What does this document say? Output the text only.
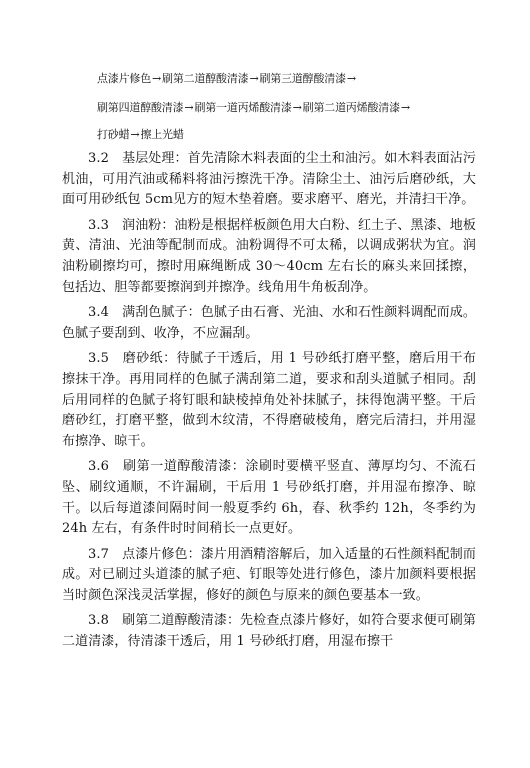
点漆片修色→刷第二道醇酸清漆→刷第三道醇酸清漆→
刷第四道醇酸清漆→刷第一道丙烯酸清漆→刷第二道丙烯酸清漆→
打砂蜡→擦上光蜡

3.2　基层处理：首先清除木料表面的尘土和油污。如木料表面沾污机油，可用汽油或稀料将油污擦洗干净。清除尘土、油污后磨砂纸，大面可用砂纸包 5cm见方的短木垫着磨。要求磨平、磨光，并清扫干净。

3.3　润油粉：油粉是根据样板颜色用大白粉、红土子、黑漆、地板黄、清油、光油等配制而成。油粉调得不可太稀，以调成粥状为宜。润油粉刷擦均可，擦时用麻绳断成 30～40cm 左右长的麻头来回揉擦，包括边、胆等都要擦润到并擦净。线角用牛角板刮净。

3.4　满刮色腻子：色腻子由石膏、光油、水和石性颜料调配而成。色腻子要刮到、收净，不应漏刮。

3.5　磨砂纸：待腻子干透后，用 1 号砂纸打磨平整，磨后用干布擦抹干净。再用同样的色腻子满刮第二道，要求和刮头道腻子相同。刮后用同样的色腻子将钉眼和缺棱掉角处补抹腻子，抹得饱满平整。干后磨砂红，打磨平整，做到木纹清，不得磨破棱角，磨完后清扫，并用湿布擦净、晾干。

3.6　刷第一道醇酸清漆：涂刷时要横平竖直、薄厚均匀、不流石坠、刷纹通顺，不许漏刷，干后用 1 号砂纸打磨，并用湿布擦净、晾干。以后每道漆间隔时间一般夏季约 6h，春、秋季约 12h，冬季约为 24h 左右，有条件时时间稍长一点更好。

3.7　点漆片修色：漆片用酒精溶解后，加入适量的石性颜料配制而成。对已刷过头道漆的腻子疤、钉眼等处进行修色，漆片加颜料要根据当时颜色深浅灵活掌握，修好的颜色与原来的颜色要基本一致。

3.8　刷第二道醇酸清漆：先检查点漆片修好，如符合要求便可刷第二道清漆，待清漆干透后，用 1 号砂纸打磨，用湿布擦干
